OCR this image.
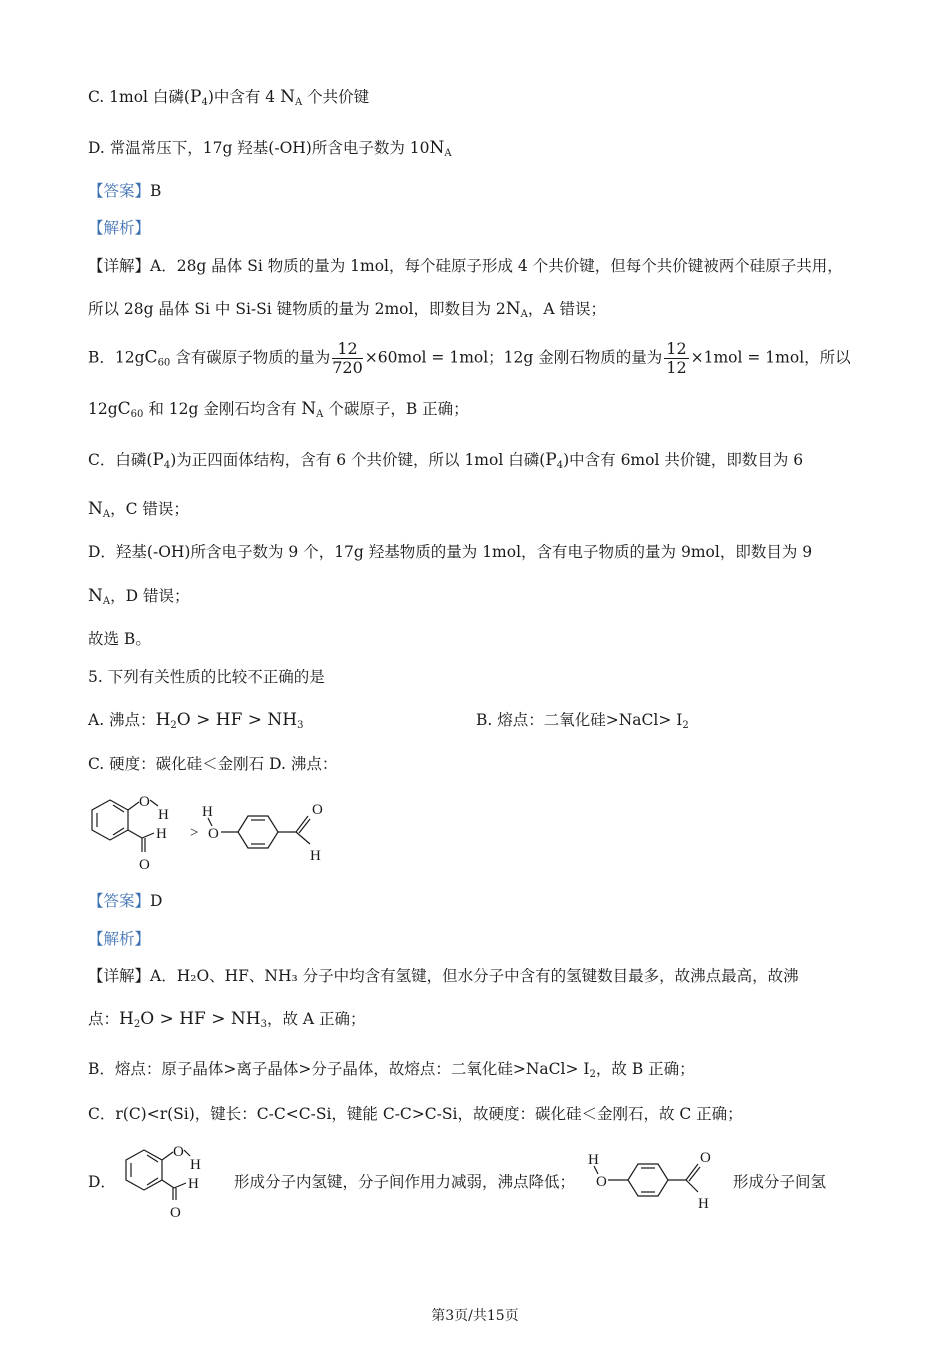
C. 1mol 白磷$(P_4)$中含有 4 $N_A$ 个共价键
D. 常温常压下，17g 羟基(-OH)所含电子数为 $10N_A$
【答案】B
【解析】
【详解】A．28g 晶体 Si 物质的量为 1mol，每个硅原子形成 4 个共价键，但每个共价键被两个硅原子共用，
所以 28g 晶体 Si 中 Si-Si 键物质的量为 2mol，即数目为 $2N_A$，A 错误；
B．$12gC_{60}$ 含有碳原子物质的量为 $\frac{12}{720} \times 60mol = 1mol$；12g 金刚石物质的量为 $\frac{12}{12} \times 1mol = 1mol$，所以
$12gC_{60}$ 和 12g 金刚石均含有 $N_A$ 个碳原子，B 正确；
C．白磷$(P_4)$为正四面体结构，含有 6 个共价键，所以 1mol 白磷$(P_4)$中含有 6mol 共价键，即数目为 6
$N_A$，C 错误；
D．羟基(-OH)所含电子数为 9 个，17g 羟基物质的量为 1mol，含有电子物质的量为 9mol，即数目为 9
$N_A$，D 错误；
故选 B。
5. 下列有关性质的比较不正确的是
A. 沸点：$H_2O$ > HF > $NH_3$	B. 熔点：二氧化硅>NaCl> $I_2$
C. 硬度：碳化硅＜金刚石 D. 沸点：
O
H
H
O
>
H
O
O
H
【答案】D
【解析】
【详解】A．H₂O、HF、NH₃ 分子中均含有氢键，但水分子中含有的氢键数目最多，故沸点最高，故沸
点：$H_2O$ > HF > $NH_3$，故 A 正确；
B．熔点：原子晶体>离子晶体>分子晶体，故熔点：二氧化硅>NaCl> $I_2$，故 B 正确；
C．r(C)<r(Si)，键长：C-C<C-Si，键能 C-C>C-Si，故硬度：碳化硅＜金刚石，故 C 正确；
D．
O
H
H
O
形成分子内氢键，分子间作用力减弱，沸点降低；
H
O
O
H
形成分子间氢
第3页/共15页
